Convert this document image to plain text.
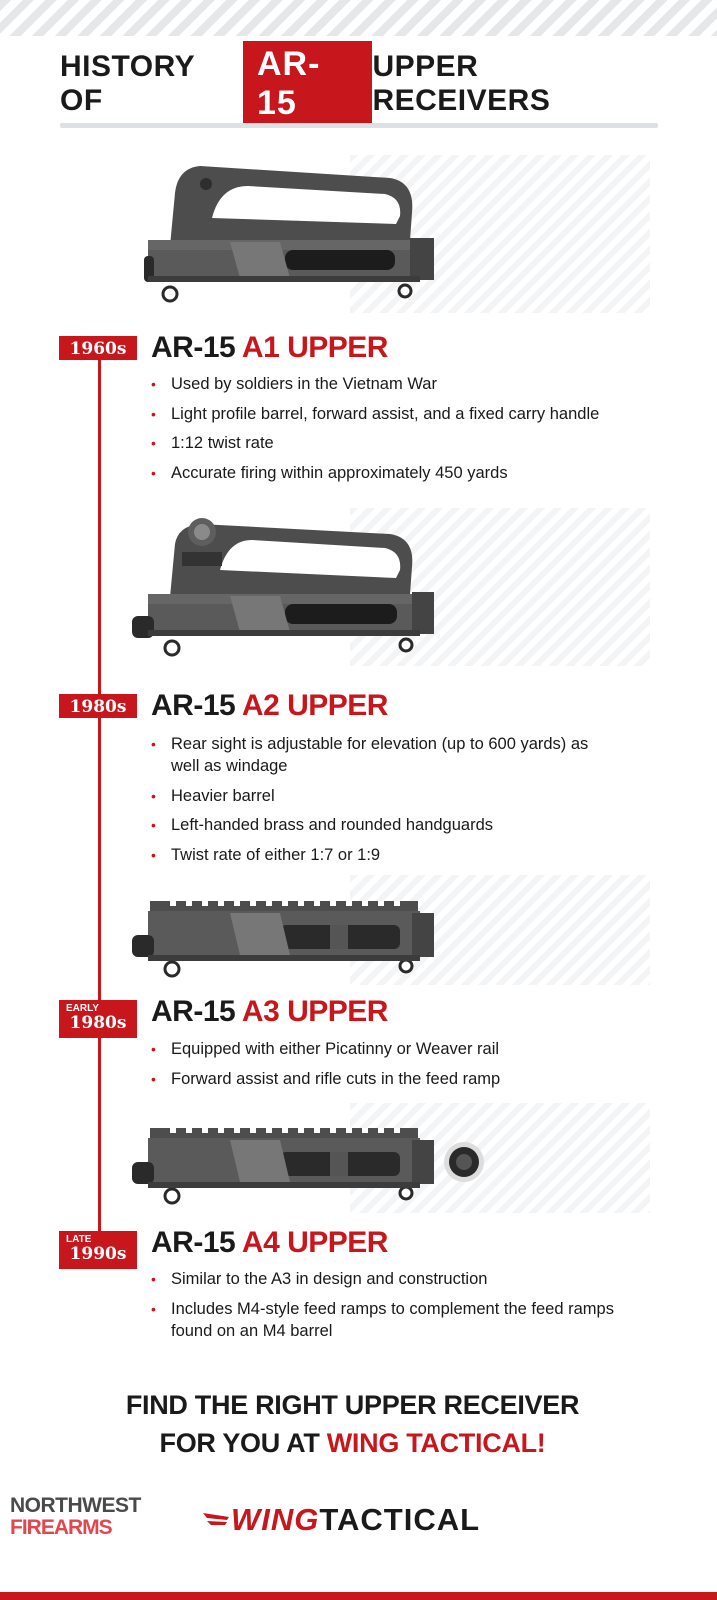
HISTORY OF
AR-15
UPPER RECEIVERS
1960s AR-15 A1 UPPER
• Used by soldiers in the Vietnam War
• Light profile barrel, forward assist, and a fixed carry handle
• 1:12 twist rate
• Accurate firing within approximately 450 yards
1980s AR-15 A2 UPPER
• Rear sight is adjustable for elevation (up to 600 yards) as well as windage
• Heavier barrel
• Left-handed brass and rounded handguards
• Twist rate of either 1:7 or 1:9
EARLY
1980s AR-15 A3 UPPER
• Equipped with either Picatinny or Weaver rail
• Forward assist and rifle cuts in the feed ramp
LATE
1990s AR-15 A4 UPPER
• Similar to the A3 in design and construction
• Includes M4-style feed ramps to complement the feed ramps found on an M4 barrel
FIND THE RIGHT UPPER RECEIVER
FOR YOU AT WING TACTICAL!
NORTHWEST
FIREARMS	WING TACTICAL
